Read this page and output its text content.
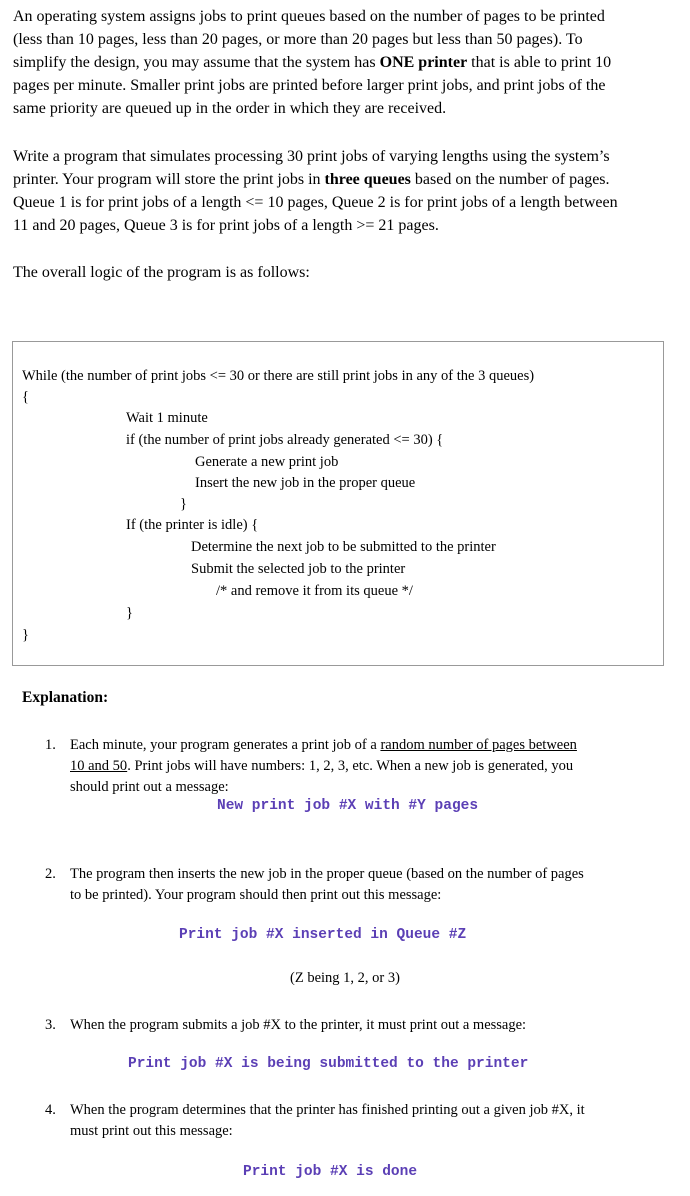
An operating system assigns jobs to print queues based on the number of pages to be printed
(less than 10 pages, less than 20 pages, or more than 20 pages but less than 50 pages). To
simplify the design, you may assume that the system has ONE printer that is able to print 10
pages per minute. Smaller print jobs are printed before larger print jobs, and print jobs of the
same priority are queued up in the order in which they are received.

Write a program that simulates processing 30 print jobs of varying lengths using the system’s
printer. Your program will store the print jobs in three queues based on the number of pages.
Queue 1 is for print jobs of a length <= 10 pages, Queue 2 is for print jobs of a length between
11 and 20 pages, Queue 3 is for print jobs of a length >= 21 pages.

The overall logic of the program is as follows:

While (the number of print jobs <= 30 or there are still print jobs in any of the 3 queues)
{
Wait 1 minute
if (the number of print jobs already generated <= 30) {
Generate a new print job
Insert the new job in the proper queue
}
If (the printer is idle) {
Determine the next job to be submitted to the printer
Submit the selected job to the printer
/* and remove it from its queue */
}
}

Explanation:

1. Each minute, your program generates a print job of a random number of pages between
10 and 50. Print jobs will have numbers: 1, 2, 3, etc. When a new job is generated, you
should print out a message:
New print job #X with #Y pages
2. The program then inserts the new job in the proper queue (based on the number of pages
to be printed). Your program should then print out this message:
Print job #X inserted in Queue #Z
(Z being 1, 2, or 3)
3. When the program submits a job #X to the printer, it must print out a message:
Print job #X is being submitted to the printer
4. When the program determines that the printer has finished printing out a given job #X, it
must print out this message:
Print job #X is done
